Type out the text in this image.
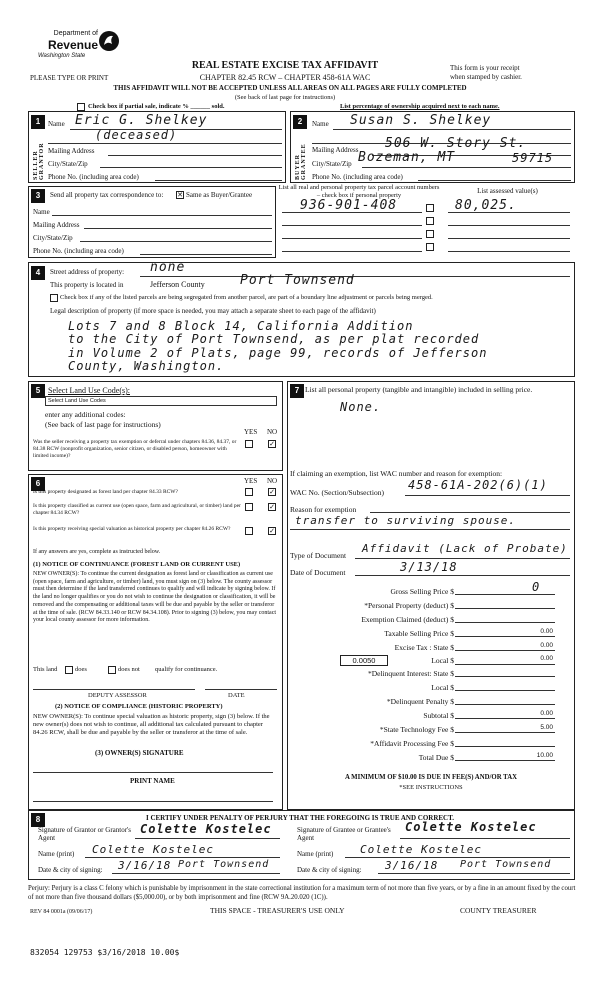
Department of
Revenue
Washington State
PLEASE TYPE OR PRINT
REAL ESTATE EXCISE TAX AFFIDAVIT
CHAPTER 82.45 RCW – CHAPTER 458-61A WAC
THIS AFFIDAVIT WILL NOT BE ACCEPTED UNLESS ALL AREAS ON ALL PAGES ARE FULLY COMPLETED
(See back of last page for instructions)
This form is your receipt
when stamped by cashier.
Check box if partial sale, indicate % ______ sold.	List percentage of ownership acquired next to each name.
1
SELLER GRANTOR
Name Eric G. Shelkey
(deceased)
Mailing Address
City/State/Zip
Phone No. (including area code)
2
BUYER GRANTEE
Name Susan S. Shelkey
Mailing Address 506 W. Story St.
City/State/Zip Bozeman, MT	59715
Phone No. (including area code)
3	Send all property tax correspondence to: ✕ Same as Buyer/Grantee
Name
Mailing Address
City/State/Zip
Phone No. (including area code)
List all real and personal property tax parcel account numbers – check box if personal property
936-901-408
List assessed value(s)
80,025.
4	Street address of property: none
This property is located in	Jefferson County	Port Townsend
Check box if any of the listed parcels are being segregated from another parcel, are part of a boundary line adjustment or parcels being merged.
Legal description of property (if more space is needed, you may attach a separate sheet to each page of the affidavit)
Lots 7 and 8 Block 14, California Addition
to the City of Port Townsend, as per plat recorded
in Volume 2 of Plats, page 99, records of Jefferson
County, Washington.
5 Select Land Use Code(s):
Select Land Use Codes
enter any additional codes:
(See back of last page for instructions)
YES NO
Was the seller receiving a property tax exemption or deferral under chapters 84.36, 84.37, or 84.38 RCW (nonprofit organization, senior citizen, or disabled person, homeowner with limited income)?
✓
6	YES NO
Is this property designated as forest land per chapter 84.33 RCW?	✓
Is this property classified as current use (open space, farm and agricultural, or timber) land per chapter 84.34 RCW?
✓
Is this property receiving special valuation as historical property per chapter 84.26 RCW?	✓
If any answers are yes, complete as instructed below.
(1) NOTICE OF CONTINUANCE (FOREST LAND OR CURRENT USE)
NEW OWNER(S): To continue the current designation as forest land or classification as current use (open space, farm and agriculture, or timber) land, you must sign on (3) below. The county assessor must then determine if the land transferred continues to qualify and will indicate by signing below. If the land no longer qualifies or you do not wish to continue the designation or classification, it will be removed and the compensating or additional taxes will be due and payable by the seller or transferor at the time of sale. (RCW 84.33.140 or RCW 84.34.108). Prior to signing (3) below, you may contact your local county assessor for more information.
This land	does	does not qualify for continuance.
DEPUTY ASSESSOR	DATE
(2) NOTICE OF COMPLIANCE (HISTORIC PROPERTY)
NEW OWNER(S): To continue special valuation as historic property, sign (3) below. If the new owner(s) does not wish to continue, all additional tax calculated pursuant to chapter 84.26 RCW, shall be due and payable by the seller or transferor at the time of sale.
(3) OWNER(S) SIGNATURE
PRINT NAME
7 List all personal property (tangible and intangible) included in selling price.
None.
If claiming an exemption, list WAC number and reason for exemption:
WAC No. (Section/Subsection)
458-61A-202(6)(1)
Reason for exemption
transfer to surviving spouse.
Type of Document
Affidavit (Lack of Probate)
Date of Document	3/13/18
Gross Selling Price $	0
*Personal Property (deduct) $
Exemption Claimed (deduct) $
Taxable Selling Price $	0.00
Excise Tax : State $	0.00
0.0050	Local $	0.00
*Delinquent Interest: State $
Local $
*Delinquent Penalty $
Subtotal $	0.00
*State Technology Fee $	5.00
*Affidavit Processing Fee $
Total Due $	10.00
A MINIMUM OF $10.00 IS DUE IN FEE(S) AND/OR TAX
*SEE INSTRUCTIONS
8	I CERTIFY UNDER PENALTY OF PERJURY THAT THE FOREGOING IS TRUE AND CORRECT.
Signature of Grantor or Grantor's Agent
Colette Kostelec
Name (print) Colette Kostelec
Date & city of signing: 3/16/18 Port Townsend
Signature of Grantee or Grantee's Agent
Colette Kostelec
Name (print) Colette Kostelec
Date & city of signing: 3/16/18 Port Townsend
Perjury: Perjury is a class C felony which is punishable by imprisonment in the state correctional institution for a maximum term of not more than five years, or by a fine in an amount fixed by the court of not more than five thousand dollars ($5,000.00), or by both imprisonment and fine (RCW 9A.20.020 (1C)).
REV 84 0001a (09/06/17)	THIS SPACE - TREASURER'S USE ONLY	COUNTY TREASURER
832054 129753 $3/16/2018 10.00$
